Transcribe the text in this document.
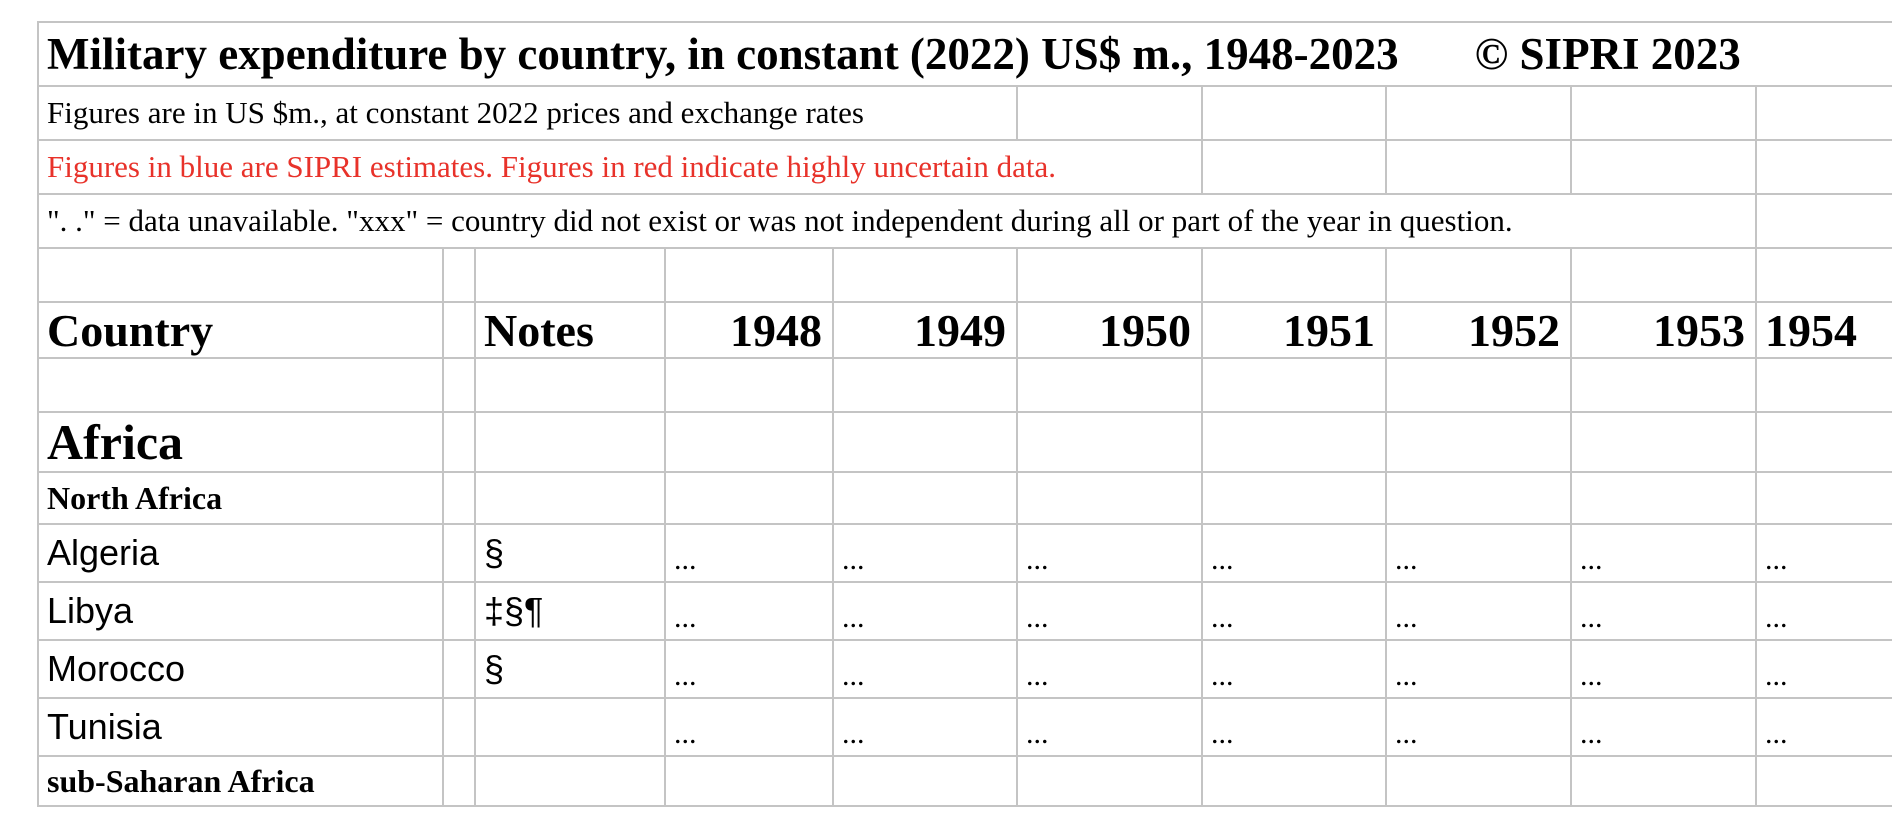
Military expenditure by country, in constant (2022) US$ m., 1948-2023 © SIPRI 2023									

Figures are in US $m., at constant 2022 prices and exchange rates									
Figures in blue are SIPRI estimates. Figures in red indicate highly uncertain data.									
". ." = data unavailable. "xxx" = country did not exist or was not independent during all or part of the year in question.									

Country		Notes	1948	1949	1950	1951	1952	1953	1954

Africa									
North Africa									
Algeria		§	...	...	...	...	...	...	...
Libya		‡§¶	...	...	...	...	...	...	...
Morocco		§	...	...	...	...	...	...	...
Tunisia			...	...	...	...	...	...	...
sub-Saharan Africa									
